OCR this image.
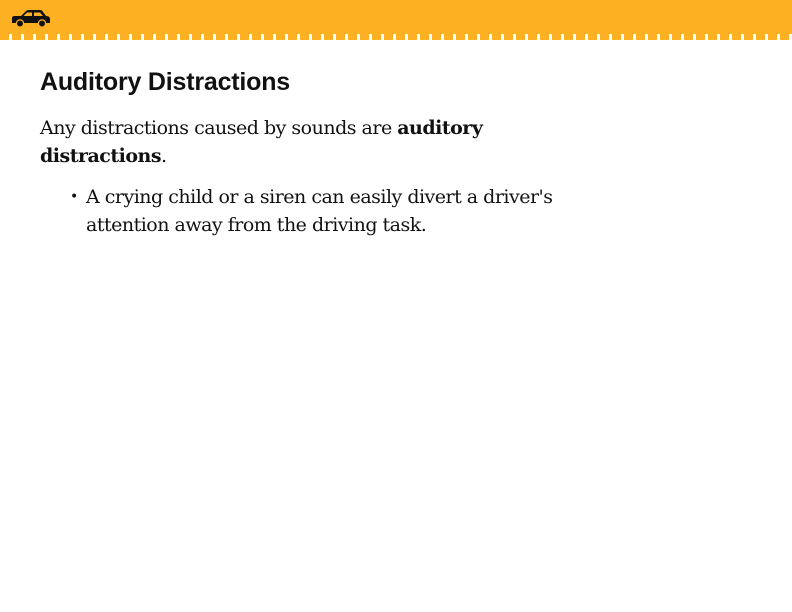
Auditory Distractions

Any distractions caused by sounds are auditory distractions.

• A crying child or a siren can easily divert a driver's attention away from the driving task.
